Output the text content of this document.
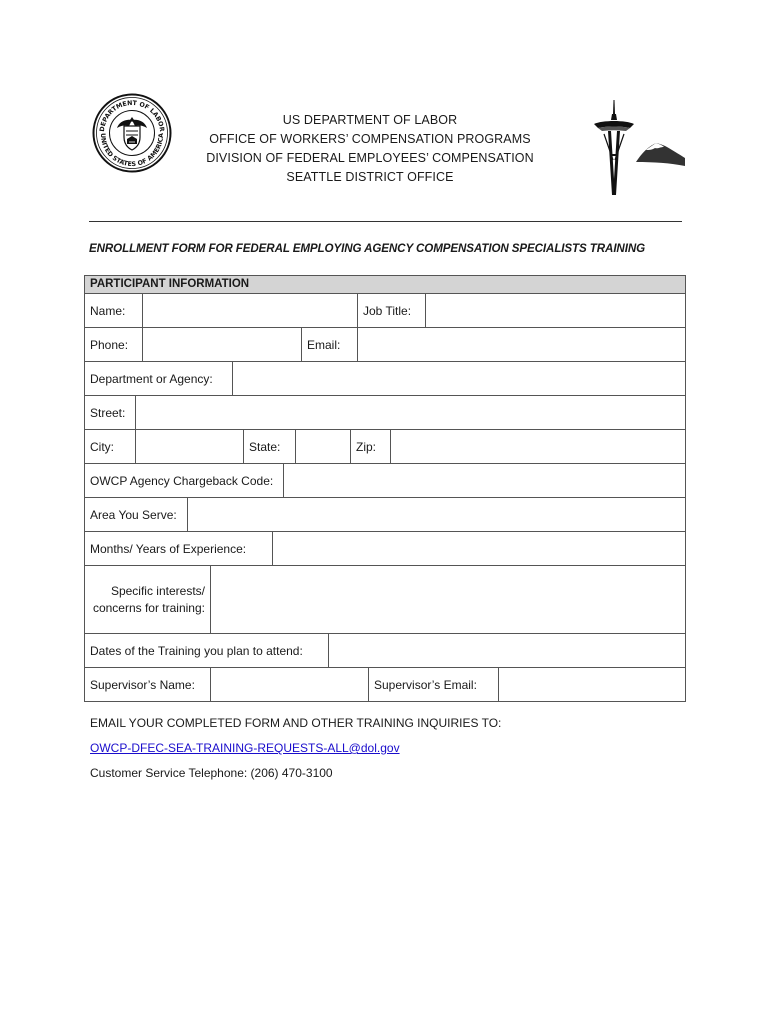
DEPARTMENT OF LABOR
UNITED STATES OF AMERICA
US DEPARTMENT OF LABOR
OFFICE OF WORKERS’ COMPENSATION PROGRAMS
DIVISION OF FEDERAL EMPLOYEES’ COMPENSATION
SEATTLE DISTRICT OFFICE
ENROLLMENT FORM FOR FEDERAL EMPLOYING AGENCY COMPENSATION SPECIALISTS TRAINING
PARTICIPANT INFORMATION
Name:	Job Title:
Phone:	Email:
Department or Agency:
Street:
City:	State:	Zip:
OWCP Agency Chargeback Code:
Area You Serve:
Months/ Years of Experience:
Specific interests/ concerns for training:
Dates of the Training you plan to attend:
Supervisor’s Name:	Supervisor’s Email:
EMAIL YOUR COMPLETED FORM AND OTHER TRAINING INQUIRIES TO:
OWCP-DFEC-SEA-TRAINING-REQUESTS-ALL@dol.gov
Customer Service Telephone: (206) 470-3100
